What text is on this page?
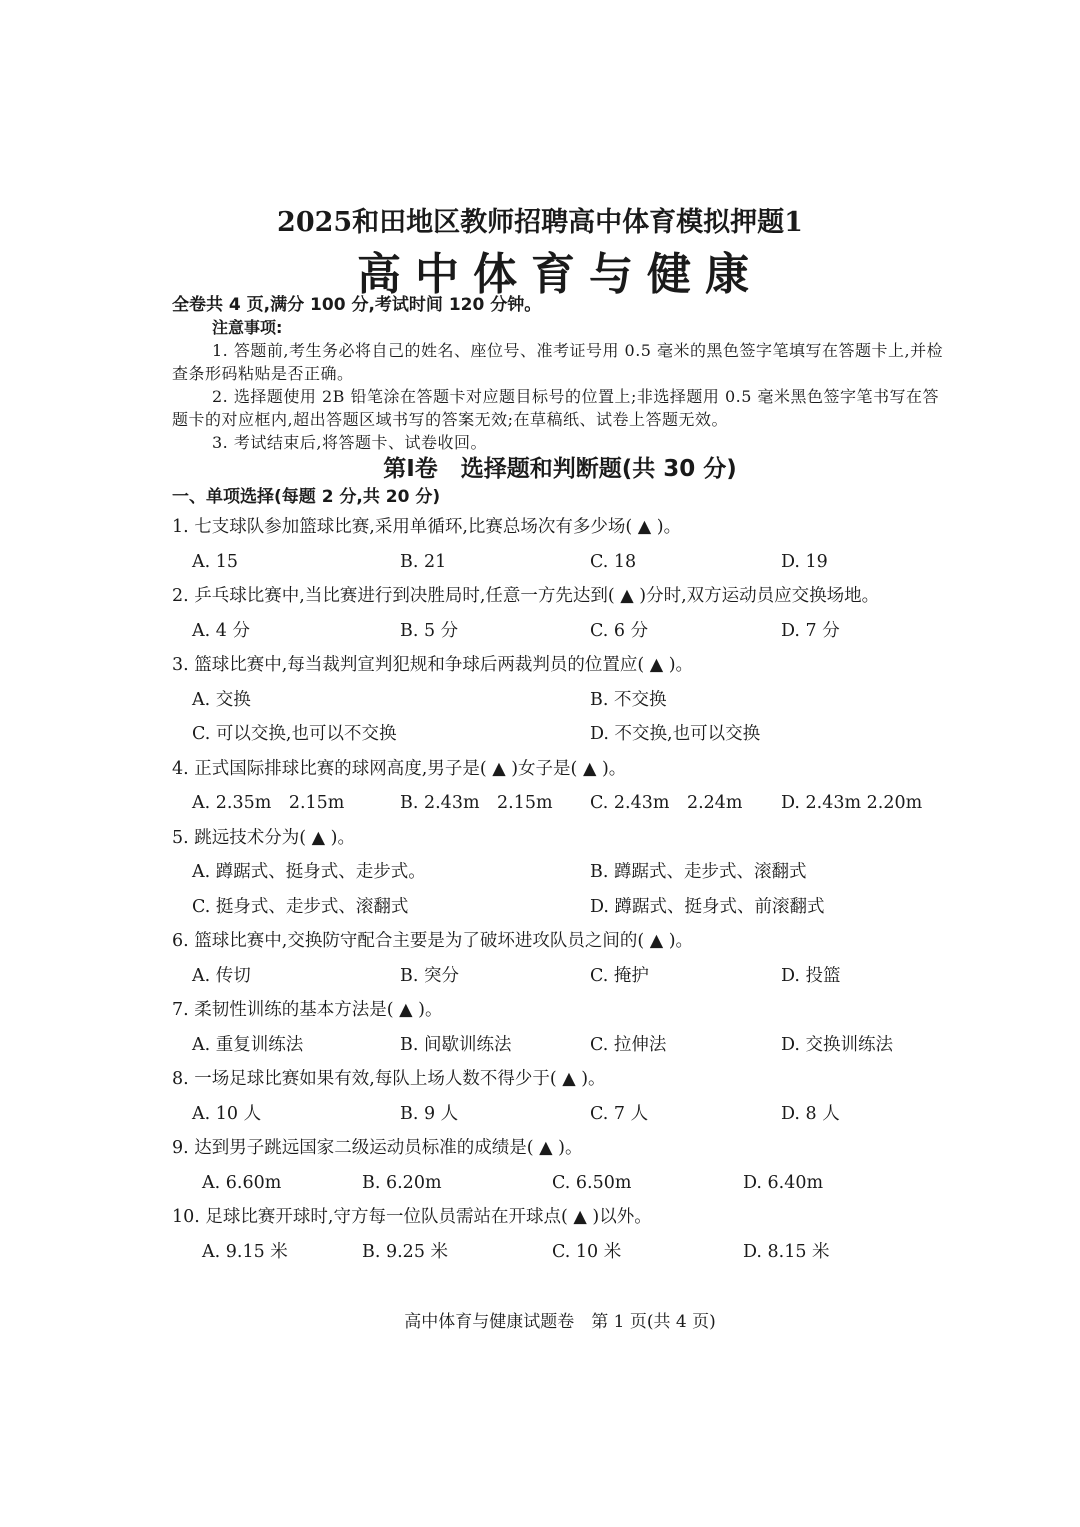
2025和田地区教师招聘高中体育模拟押题1
高中体育与健康
全卷共 4 页,满分 100 分,考试时间 120 分钟。
注意事项:
1. 答题前,考生务必将自己的姓名、座位号、准考证号用 0.5 毫米的黑色签字笔填写在答题卡上,并检查条形码粘贴是否正确。
2. 选择题使用 2B 铅笔涂在答题卡对应题目标号的位置上;非选择题用 0.5 毫米黑色签字笔书写在答题卡的对应框内,超出答题区域书写的答案无效;在草稿纸、试卷上答题无效。
3. 考试结束后,将答题卡、试卷收回。
第Ⅰ卷　选择题和判断题(共 30 分)
一、单项选择(每题 2 分,共 20 分)
1. 七支球队参加篮球比赛,采用单循环,比赛总场次有多少场( ▲ )。
A. 15	B. 21	C. 18	D. 19
2. 乒乓球比赛中,当比赛进行到决胜局时,任意一方先达到( ▲ )分时,双方运动员应交换场地。
A. 4 分	B. 5 分	C. 6 分	D. 7 分
3. 篮球比赛中,每当裁判宣判犯规和争球后两裁判员的位置应( ▲ )。
A. 交换	B. 不交换
C. 可以交换,也可以不交换	D. 不交换,也可以交换
4. 正式国际排球比赛的球网高度,男子是( ▲ )女子是( ▲ )。
A. 2.35m　2.15m	B. 2.43m　2.15m C. 2.43m　2.24m D. 2.43m 2.20m
5. 跳远技术分为( ▲ )。
A. 蹲踞式、挺身式、走步式。	B. 蹲踞式、走步式、滚翻式
C. 挺身式、走步式、滚翻式	D. 蹲踞式、挺身式、前滚翻式
6. 篮球比赛中,交换防守配合主要是为了破坏进攻队员之间的( ▲ )。
A. 传切	B. 突分	C. 掩护	D. 投篮
7. 柔韧性训练的基本方法是( ▲ )。
A. 重复训练法	B. 间歇训练法	C. 拉伸法	D. 交换训练法
8. 一场足球比赛如果有效,每队上场人数不得少于( ▲ )。
A. 10 人	B. 9 人	C. 7 人	D. 8 人
9. 达到男子跳远国家二级运动员标准的成绩是( ▲ )。
A. 6.60m	B. 6.20m	C. 6.50m	D. 6.40m
10. 足球比赛开球时,守方每一位队员需站在开球点( ▲ )以外。
A. 9.15 米	B. 9.25 米	C. 10 米	D. 8.15 米
高中体育与健康试题卷　第 1 页(共 4 页)
